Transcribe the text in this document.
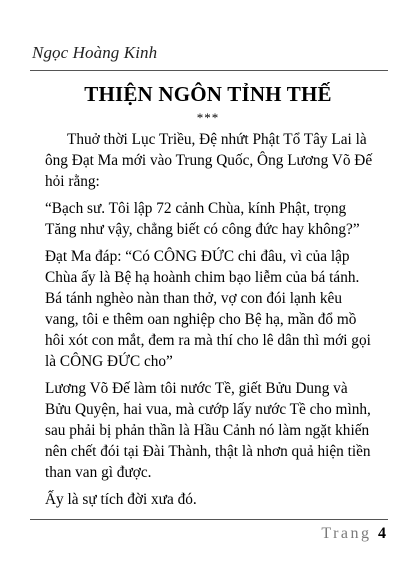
Ngọc Hoàng Kinh
THIỆN NGÔN TỈNH THẾ
***

Thuở thời Lục Triều, Đệ nhứt Phật Tổ Tây Lai là ông Đạt Ma mới vào Trung Quốc, Ông Lương Võ Đế hỏi rằng:

“Bạch sư. Tôi lập 72 cảnh Chùa, kính Phật, trọng Tăng như vậy, chẳng biết có công đức hay không?”

Đạt Ma đáp: “Có CÔNG ĐỨC chi đâu, vì của lập Chùa ấy là Bệ hạ hoành chim bạo liễm của bá tánh. Bá tánh nghèo nàn than thở, vợ con đói lạnh kêu vang, tôi e thêm oan nghiệp cho Bệ hạ, mần đổ mồ hôi xót con mắt, đem ra mà thí cho lê dân thì mới gọi là CÔNG ĐỨC cho”

Lương Võ Đế làm tôi nước Tề, giết Bửu Dung và Bửu Quyện, hai vua, mà cướp lấy nước Tề cho mình, sau phải bị phản thần là Hầu Cảnh nó làm ngặt khiến nên chết đói tại Đài Thành, thật là nhơn quả hiện tiền than van gì được.

Ấy là sự tích đời xưa đó.

Trang 4
